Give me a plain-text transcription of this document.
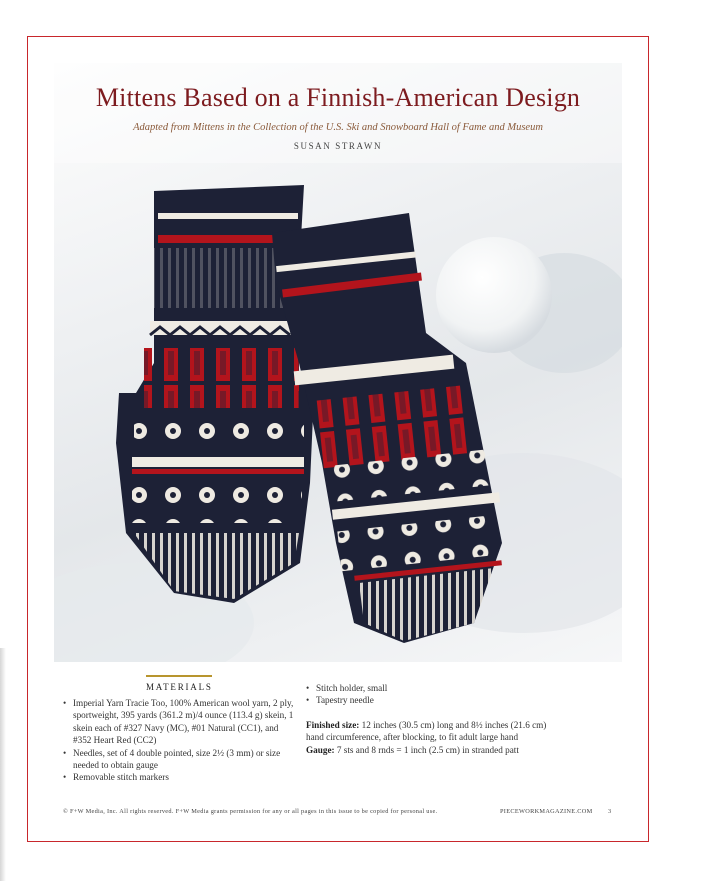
Mittens Based on a Finnish-American Design
Adapted from Mittens in the Collection of the U.S. Ski and Snowboard Hall of Fame and Museum
SUSAN STRAWN
MATERIALS
• Imperial Yarn Tracie Too, 100% American wool yarn, 2 ply, sportweight, 395 yards (361.2 m)/4 ounce (113.4 g) skein, 1 skein each of #327 Navy (MC), #01 Natural (CC1), and #352 Heart Red (CC2)
• Needles, set of 4 double pointed, size 2½ (3 mm) or size needed to obtain gauge
• Removable stitch markers
• Stitch holder, small
• Tapestry needle

Finished size: 12 inches (30.5 cm) long and 8½ inches (21.6 cm) hand circumference, after blocking, to fit adult large hand

Gauge: 7 sts and 8 rnds = 1 inch (2.5 cm) in stranded patt

© F+W Media, Inc. All rights reserved. F+W Media grants permission for any or all pages in this issue to be copied for personal use.	PIECEWORKMAGAZINE.COM 3
